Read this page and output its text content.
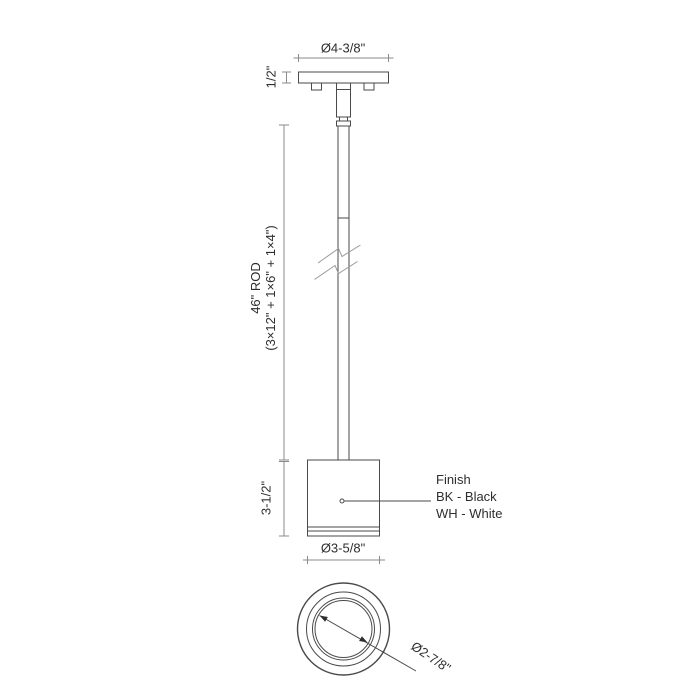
Ø4-3/8"
1/2"
46" ROD (3×12" + 1×6" + 1×4")
3-1/2"
Finish
BK - Black
WH - White
Ø3-5/8"
Ø2-7/8"
